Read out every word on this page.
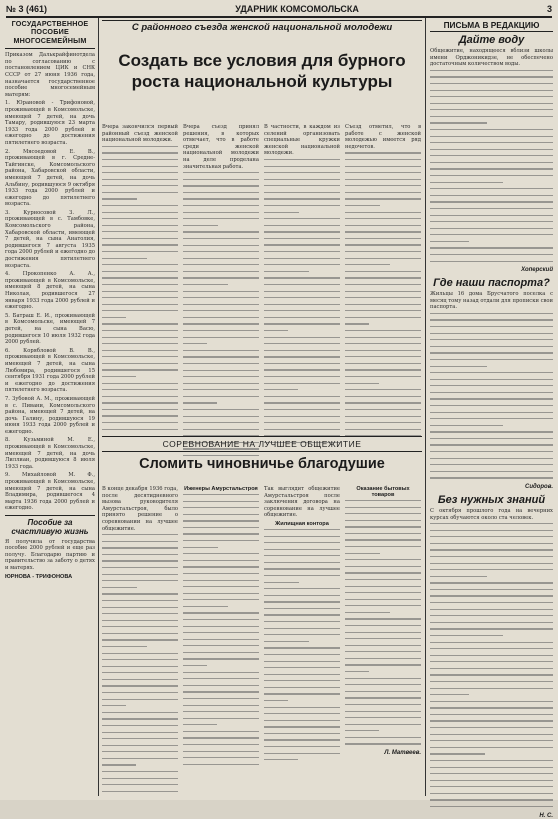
№ 3 (461)	УДАРНИК КОМСОМОЛЬСКА	3
ГОСУДАРСТВЕННОЕ ПОСОБИЕ МНОГОСЕМЕЙНЫМ

Приказом Далькрайфинотдела по согласованию с постановлением ЦИК и СНК СССР от 27 июня 1936 года, назначается государственное пособие многосемейным матерям:

1. Юрановой - Трифоновой, проживающей в Комсомольске, имеющей 7 детей, на дочь Тамару, родившуюся 23 марта 1933 года 2000 рублей и ежегодно до достижения пятилетнего возраста.

2. Мясоедовой Е. В., проживающей в г. Средне-Тайгинске, Комсомольского района, Хабаровской области, имеющей 7 детей, на дочь Альбину, родившуюся 9 октября 1933 года 2000 рублей и ежегодно до пятилетнего возраста.

3. Курносовой З. Л., проживающей в с. Тамбовке, Комсомольского района, Хабаровской области, имеющей 7 детей, на сына Анатолия, родившегося 7 августа 1935 года 2000 рублей и ежегодно до достижения пятилетнего возраста.

4. Прокопенко А. А., проживающей в Комсомольске, имеющей 8 детей, на сына Николая, родившегося 27 января 1933 года 2000 рублей и ежегодно.

5. Батраш Е. И., проживающей в Комсомольске, имеющей 7 детей, на сына Васю, родившегося 10 июля 1932 года 2000 рублей.

6. Корябловой В. В., проживающей в Комсомольске, имеющей 7 детей, на сына Любомира, родившегося 15 сентября 1931 года 2000 рублей и ежегодно до достижения пятилетнего возраста.

7. Зубовой А. М., проживающей в с. Пивани, Комсомольского района, имеющей 7 детей, на дочь Галину, родившуюся 19 июня 1933 года 2000 рублей и ежегодно.

8. Кузьминой М. Е., проживающей в Комсомольске, имеющей 7 детей, на дочь Лиллиан, родившуюся 8 июля 1933 года.

9. Михайловой М. Ф., проживающей в Комсомольске, имеющей 7 детей, на сына Владимира, родившегося 4 марта 1936 года 2000 рублей и ежегодно.

Пособие за счастливую жизнь

Я получила от государства пособие 2000 рублей и еще раз получу. Благодарю партию и правительство за заботу о детях и матерях.

ЮРНОВА - ТРИФОНОВА
С районного съезда женской национальной молодежи
Создать все условия для бурного роста национальной культуры

Вчера закончился первый районный съезд женской национальной молодежи.

Вчера съезд принял решения, в которых отмечает, что в работе среди женской национальной молодежи на деле проделана значительная работа.

В частности, в каждом из селений организовать специальные кружки женской национальной молодежи.

Съезд отметил, что в работе с женской молодежью имеется ряд недочетов.

ПИСЬМА В РЕДАКЦИЮ
Дайте воду

Общежитие, находящееся вблизи школы имени Орджоникидзе, не обеспечено достаточным количеством воды.

Хоперский
Где наши паспорта?

Жильцы 16 дома Брусчатого поселка с месяц тому назад отдали для прописки свои паспорта.

Сидоров.
Без нужных знаний

С октября прошлого года на вечерних курсах обучаются около ста человек.

Н. С.
СОРЕВНОВАНИЕ НА ЛУЧШЕЕ ОБЩЕЖИТИЕ
Сломить чиновничье благодушие

В конце декабря 1936 года, после десятидневного вызова руководителя Амурстальстроя, было принято решение о соревновании на лучшее общежитие.

Иженеры Амурстальстроя Так выглядит общежитие Амурстальстроя после заключения договора на соревнование на лучшее общежитие.

Жилищная контора
Оказание бытовых товаров
Л. Матвеев.
